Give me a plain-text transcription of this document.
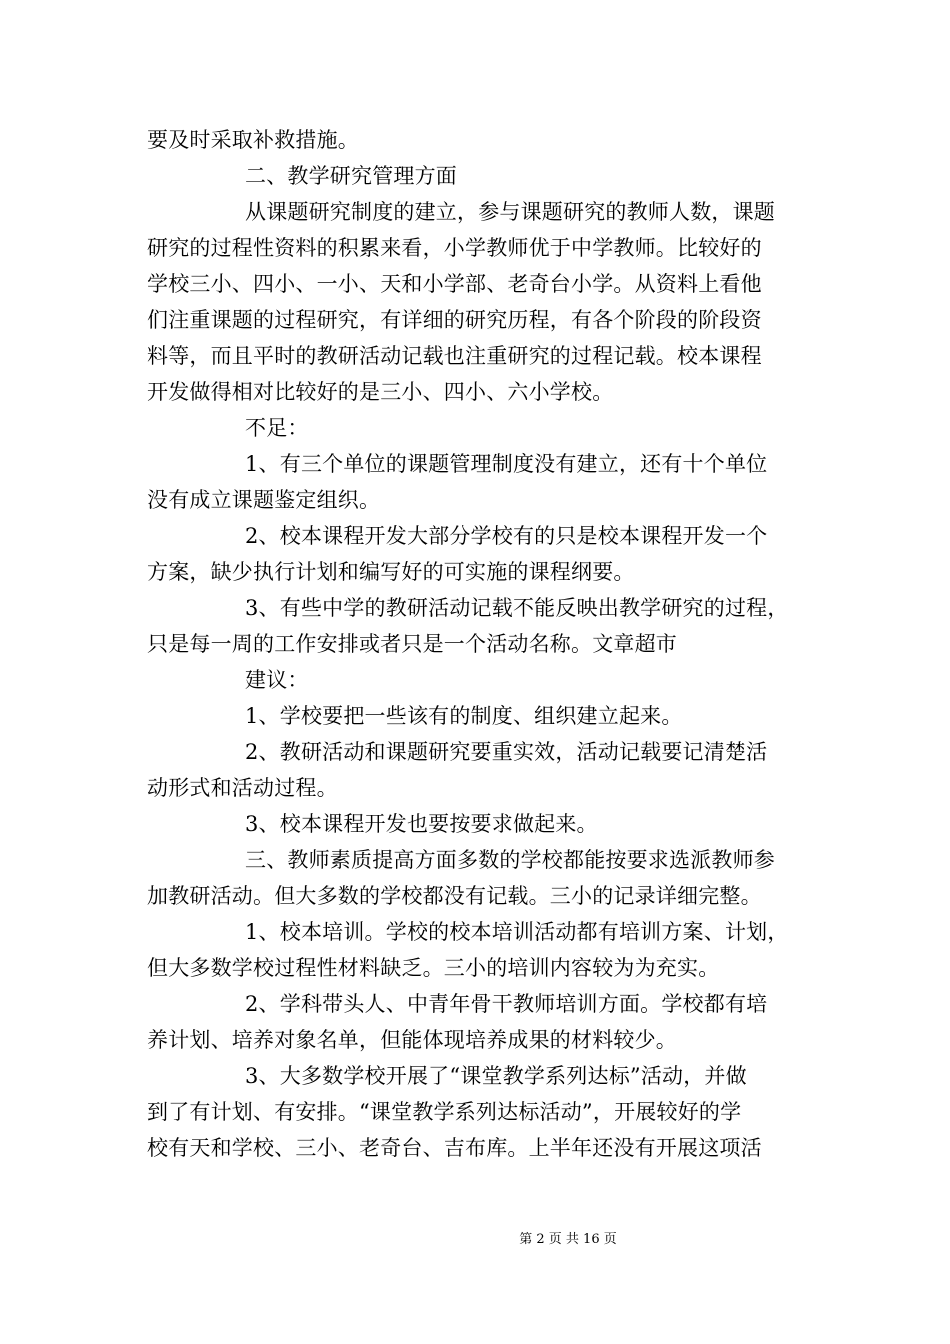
要及时采取补救措施。
二、教学研究管理方面
从课题研究制度的建立，参与课题研究的教师人数，课题
研究的过程性资料的积累来看，小学教师优于中学教师。比较好的
学校三小、四小、一小、天和小学部、老奇台小学。从资料上看他
们注重课题的过程研究，有详细的研究历程，有各个阶段的阶段资
料等，而且平时的教研活动记载也注重研究的过程记载。校本课程
开发做得相对比较好的是三小、四小、六小学校。
不足：
1、有三个单位的课题管理制度没有建立，还有十个单位
没有成立课题鉴定组织。
2、校本课程开发大部分学校有的只是校本课程开发一个
方案，缺少执行计划和编写好的可实施的课程纲要。
3、有些中学的教研活动记载不能反映出教学研究的过程，
只是每一周的工作安排或者只是一个活动名称。文章超市
建议：
1、学校要把一些该有的制度、组织建立起来。
2、教研活动和课题研究要重实效，活动记载要记清楚活
动形式和活动过程。
3、校本课程开发也要按要求做起来。
三、教师素质提高方面多数的学校都能按要求选派教师参
加教研活动。但大多数的学校都没有记载。三小的记录详细完整。
1、校本培训。学校的校本培训活动都有培训方案、计划，
但大多数学校过程性材料缺乏。三小的培训内容较为为充实。
2、学科带头人、中青年骨干教师培训方面。学校都有培
养计划、培养对象名单，但能体现培养成果的材料较少。
3、大多数学校开展了“课堂教学系列达标”活动，并做
到了有计划、有安排。“课堂教学系列达标活动”，开展较好的学
校有天和学校、三小、老奇台、吉布库。上半年还没有开展这项活
第 2 页 共 16 页
